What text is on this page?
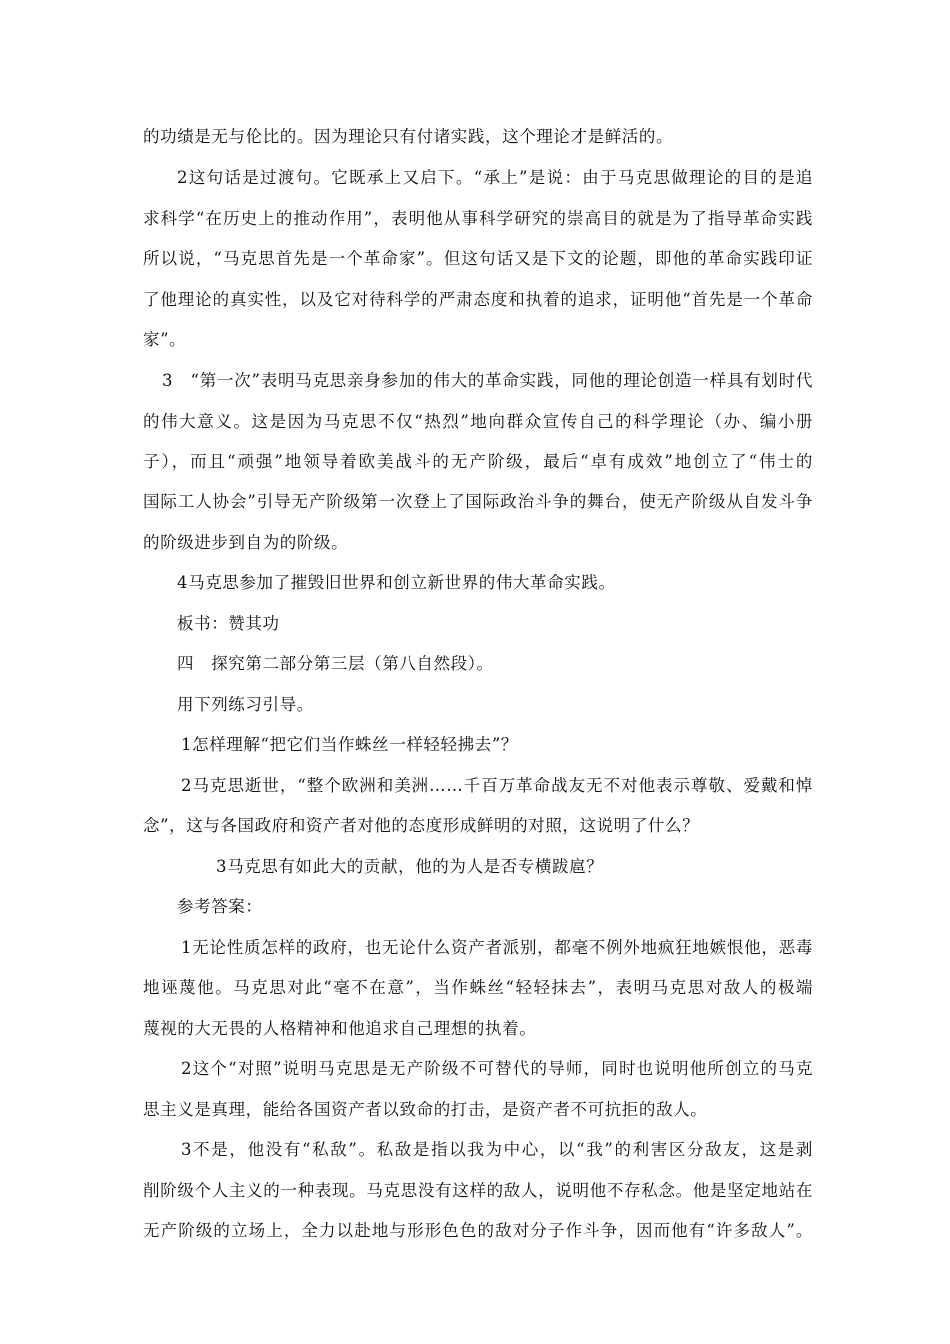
的功绩是无与伦比的。因为理论只有付诸实践，这个理论才是鲜活的。
2这句话是过渡句。它既承上又启下。“承上”是说：由于马克思做理论的目的是追
求科学“在历史上的推动作用”，表明他从事科学研究的崇高目的就是为了指导革命实践
所以说，“马克思首先是一个革命家”。但这句话又是下文的论题，即他的革命实践印证
了他理论的真实性，以及它对待科学的严肃态度和执着的追求，证明他“首先是一个革命
家”。
3　“第一次”表明马克思亲身参加的伟大的革命实践，同他的理论创造一样具有划时代
的伟大意义。这是因为马克思不仅“热烈”地向群众宣传自己的科学理论（办、编小册
子），而且“顽强”地领导着欧美战斗的无产阶级，最后“卓有成效”地创立了“伟士的
国际工人协会”引导无产阶级第一次登上了国际政治斗争的舞台，使无产阶级从自发斗争
的阶级进步到自为的阶级。
4马克思参加了摧毁旧世界和创立新世界的伟大革命实践。
板书：赞其功
四　探究第二部分第三层（第八自然段）。
用下列练习引导。
1怎样理解“把它们当作蛛丝一样轻轻拂去”？
2马克思逝世，“整个欧洲和美洲……千百万革命战友无不对他表示尊敬、爱戴和悼
念”，这与各国政府和资产者对他的态度形成鲜明的对照，这说明了什么？
3马克思有如此大的贡献，他的为人是否专横跋扈？
参考答案：
1无论性质怎样的政府，也无论什么资产者派别，都毫不例外地疯狂地嫉恨他，恶毒
地诬蔑他。马克思对此“毫不在意”，当作蛛丝“轻轻抹去”，表明马克思对敌人的极端
蔑视的大无畏的人格精神和他追求自己理想的执着。
2这个“对照”说明马克思是无产阶级不可替代的导师，同时也说明他所创立的马克
思主义是真理，能给各国资产者以致命的打击，是资产者不可抗拒的敌人。
3不是，他没有“私敌”。私敌是指以我为中心，以“我”的利害区分敌友，这是剥
削阶级个人主义的一种表现。马克思没有这样的敌人，说明他不存私念。他是坚定地站在
无产阶级的立场上，全力以赴地与形形色色的敌对分子作斗争，因而他有“许多敌人”。
